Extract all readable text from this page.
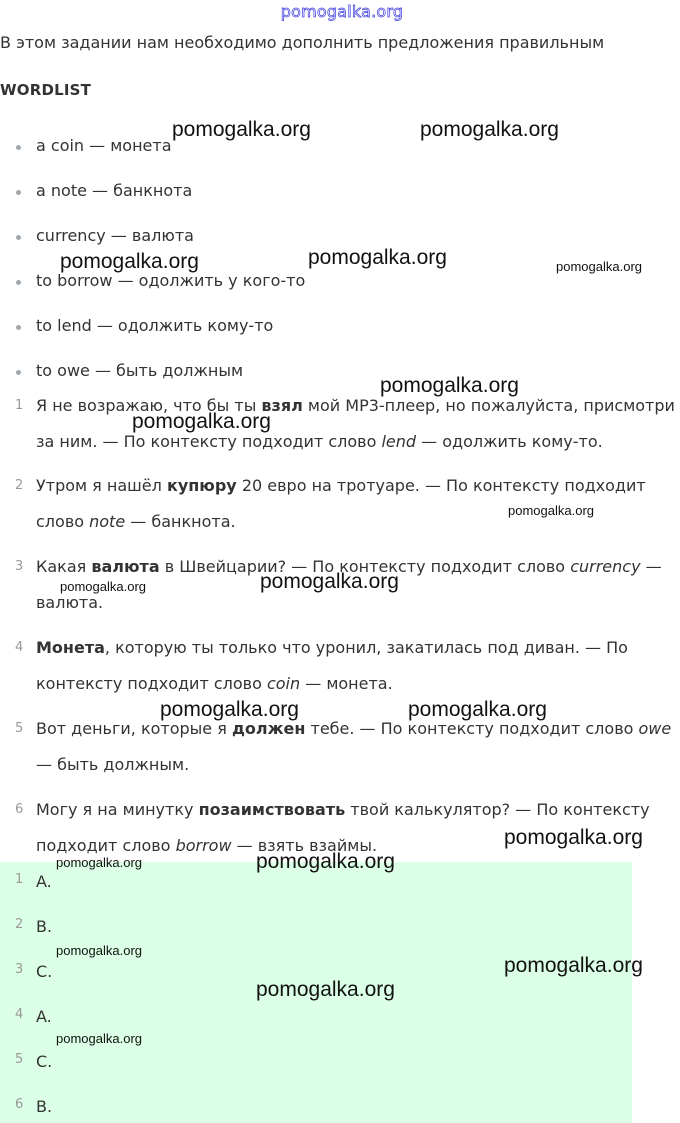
pomogalka.org
В этом задании нам необходимо дополнить предложения правильным
WORDLIST
a coin — монета
a note — банкнота
currency — валюта
to borrow — одолжить у кого-то
to lend — одолжить кому-то
to owe — быть должным
1 Я не возражаю, что бы ты взял мой MP3-плеер, но пожалуйста, присмотри за ним. — По контексту подходит слово lend — одолжить кому-то.
2 Утром я нашёл купюру 20 евро на тротуаре. — По контексту подходит слово note — банкнота.
3 Какая валюта в Швейцарии? — По контексту подходит слово currency — валюта.
4 Монета, которую ты только что уронил, закатилась под диван. — По контексту подходит слово coin — монета.
5 Вот деньги, которые я должен тебе. — По контексту подходит слово owe — быть должным.
6 Могу я на минутку позаимствовать твой калькулятор? — По контексту подходит слово borrow — взять взаймы.
1 A.
2 B.
3 C.
4 A.
5 C.
6 B.
pomogalka.org	pomogalka.org
pomogalka.org	pomogalka.org	pomogalka.org
pomogalka.org
pomogalka.org
pomogalka.org
pomogalka.org
pomogalka.org
pomogalka.org	pomogalka.org
pomogalka.org
pomogalka.org
pomogalka.org
pomogalka.org
pomogalka.org
pomogalka.org
pomogalka.org
